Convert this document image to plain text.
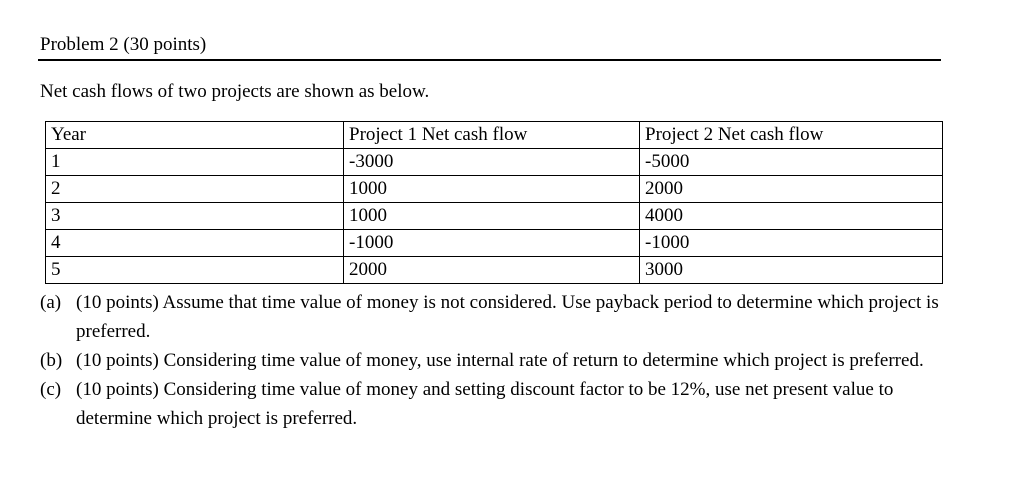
Problem 2 (30 points)
Net cash flows of two projects are shown as below.
Year	Project 1 Net cash flow	Project 2 Net cash flow
1	-3000	-5000
2	1000	2000
3	1000	4000
4	-1000	-1000
5	2000	3000
(a) (10 points) Assume that time value of money is not considered. Use payback period to determine which project is preferred.
(b) (10 points) Considering time value of money, use internal rate of return to determine which project is preferred.
(c) (10 points) Considering time value of money and setting discount factor to be 12%, use net present value to determine which project is preferred.
